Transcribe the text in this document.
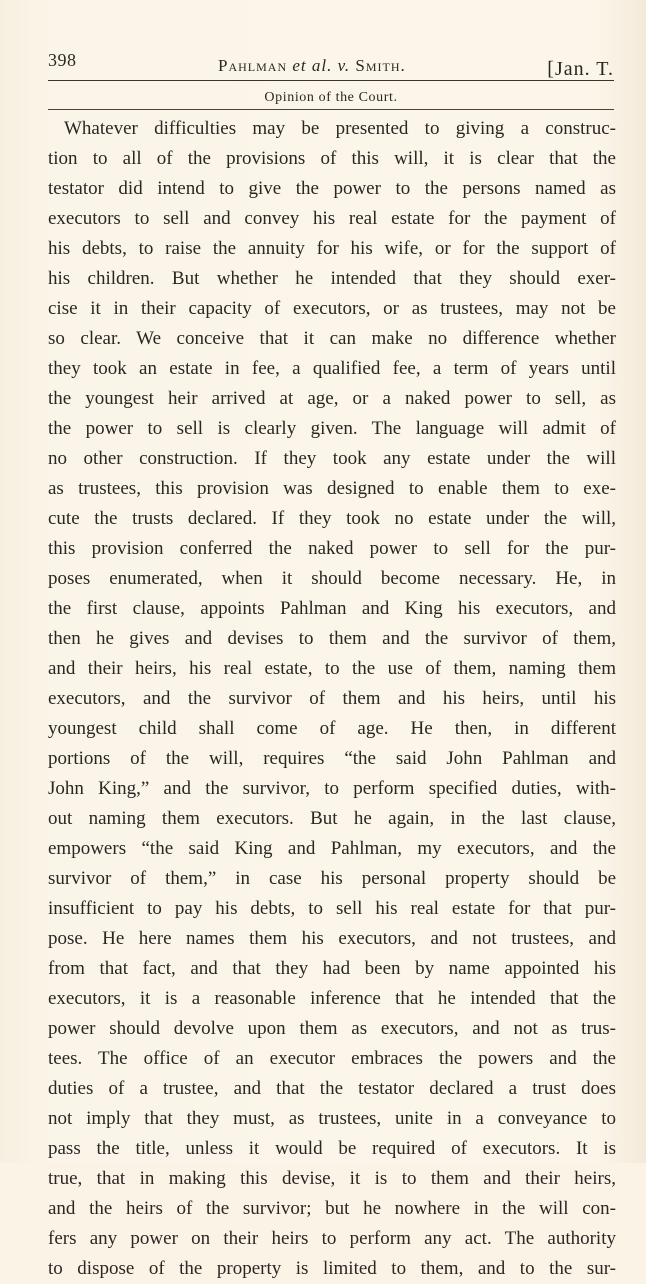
398	Pahlman et al. v. Smith.	[Jan. T.
Opinion of the Court.
Whatever difficulties may be presented to giving a construc-
tion to all of the provisions of this will, it is clear that the
testator did intend to give the power to the persons named as
executors to sell and convey his real estate for the payment of
his debts, to raise the annuity for his wife, or for the support of
his children. But whether he intended that they should exer-
cise it in their capacity of executors, or as trustees, may not be
so clear. We conceive that it can make no difference whether
they took an estate in fee, a qualified fee, a term of years until
the youngest heir arrived at age, or a naked power to sell, as
the power to sell is clearly given. The language will admit of
no other construction. If they took any estate under the will
as trustees, this provision was designed to enable them to exe-
cute the trusts declared. If they took no estate under the will,
this provision conferred the naked power to sell for the pur-
poses enumerated, when it should become necessary. He, in
the first clause, appoints Pahlman and King his executors, and
then he gives and devises to them and the survivor of them,
and their heirs, his real estate, to the use of them, naming them
executors, and the survivor of them and his heirs, until his
youngest child shall come of age. He then, in different
portions of the will, requires “the said John Pahlman and
John King,” and the survivor, to perform specified duties, with-
out naming them executors. But he again, in the last clause,
empowers “the said King and Pahlman, my executors, and the
survivor of them,” in case his personal property should be
insufficient to pay his debts, to sell his real estate for that pur-
pose. He here names them his executors, and not trustees, and
from that fact, and that they had been by name appointed his
executors, it is a reasonable inference that he intended that the
power should devolve upon them as executors, and not as trus-
tees. The office of an executor embraces the powers and the
duties of a trustee, and that the testator declared a trust does
not imply that they must, as trustees, unite in a conveyance to
pass the title, unless it would be required of executors. It is
true, that in making this devise, it is to them and their heirs,
and the heirs of the survivor; but he nowhere in the will con-
fers any power on their heirs to perform any act. The authority
to dispose of the property is limited to them, and to the sur-
